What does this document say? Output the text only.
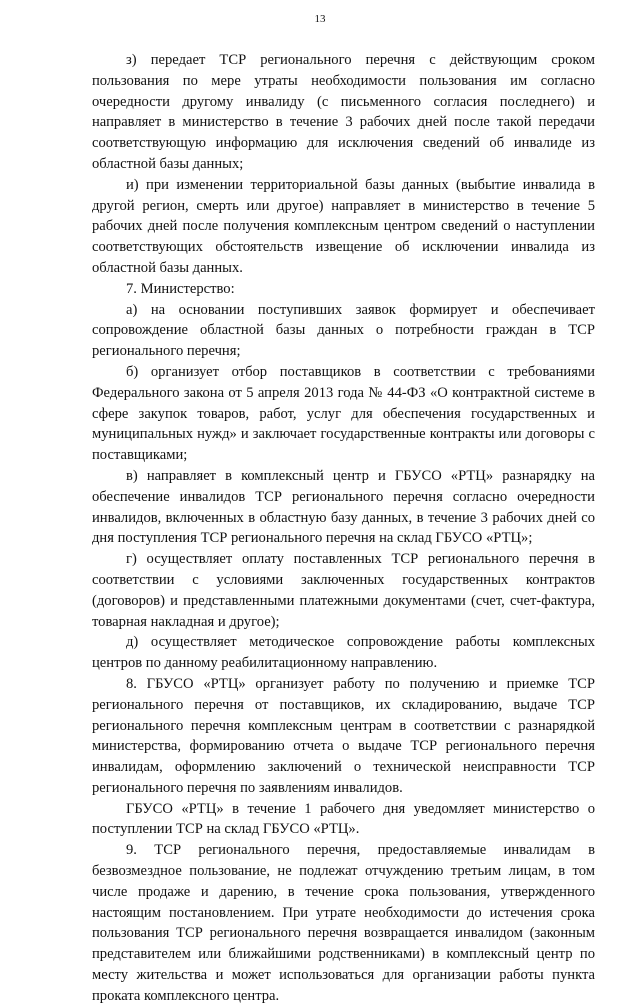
13

з) передает ТСР регионального перечня с действующим сроком пользования по мере утраты необходимости пользования им согласно очередности другому инвалиду (с письменного согласия последнего) и направляет в министерство в течение 3 рабочих дней после такой передачи соответствующую информацию для исключения сведений об инвалиде из областной базы данных;

и) при изменении территориальной базы данных (выбытие инвалида в другой регион, смерть или другое) направляет в министерство в течение 5 рабочих дней после получения комплексным центром сведений о наступлении соответствующих обстоятельств извещение об исключении инвалида из областной базы данных.

7. Министерство:

а) на основании поступивших заявок формирует и обеспечивает сопровождение областной базы данных о потребности граждан в ТСР регионального перечня;

б) организует отбор поставщиков в соответствии с требованиями Федерального закона от 5 апреля 2013 года № 44-ФЗ «О контрактной системе в сфере закупок товаров, работ, услуг для обеспечения государственных и муниципальных нужд» и заключает государственные контракты или договоры с поставщиками;

в) направляет в комплексный центр и ГБУСО «РТЦ» разнарядку на обеспечение инвалидов ТСР регионального перечня согласно очередности инвалидов, включенных в областную базу данных, в течение 3 рабочих дней со дня поступления ТСР регионального перечня на склад ГБУСО «РТЦ»;

г) осуществляет оплату поставленных ТСР регионального перечня в соответствии с условиями заключенных государственных контрактов (договоров) и представленными платежными документами (счет, счет-фактура, товарная накладная и другое);

д) осуществляет методическое сопровождение работы комплексных центров по данному реабилитационному направлению.

8. ГБУСО «РТЦ» организует работу по получению и приемке ТСР регионального перечня от поставщиков, их складированию, выдаче ТСР регионального перечня комплексным центрам в соответствии с разнарядкой министерства, формированию отчета о выдаче ТСР регионального перечня инвалидам, оформлению заключений о технической неисправности ТСР регионального перечня по заявлениям инвалидов.

ГБУСО «РТЦ» в течение 1 рабочего дня уведомляет министерство о поступлении ТСР на склад ГБУСО «РТЦ».

9. ТСР регионального перечня, предоставляемые инвалидам в безвозмездное пользование, не подлежат отчуждению третьим лицам, в том числе продаже и дарению, в течение срока пользования, утвержденного настоящим постановлением. При утрате необходимости до истечения срока пользования ТСР регионального перечня возвращается инвалидом (законным представителем или ближайшими родственниками) в комплексный центр по месту жительства и может использоваться для организации работы пункта проката комплексного центра.
